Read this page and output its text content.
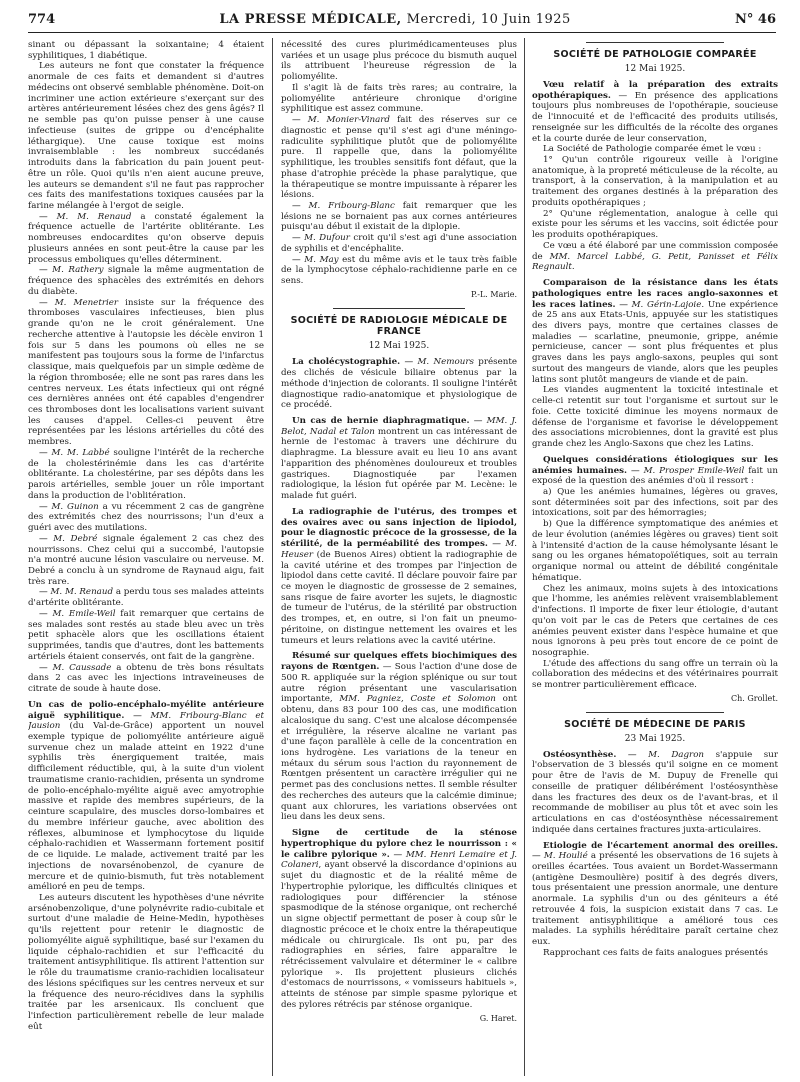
774	LA PRESSE MÉDICALE, Mercredi, 10 Juin 1925	N° 46

sinant ou dépassant la soixantaine; 4 étaient syphilitiques, 1 diabétique.

Les auteurs ne font que constater la fréquence anormale de ces faits et demandent si d'autres médecins ont observé semblable phénomène. Doit-on incriminer une action extérieure s'exerçant sur des artères antérieurement lésées chez des gens âgés? Il ne semble pas qu'on puisse penser à une cause infectieuse (suites de grippe ou d'encéphalite léthargique). Une cause toxique est moins invraisemblable : les nombreux succédanés introduits dans la fabrication du pain jouent peut-être un rôle. Quoi qu'ils n'en aient aucune preuve, les auteurs se demandent s'il ne faut pas rapprocher ces faits des manifestations toxiques causées par la farine mélangée à l'ergot de seigle.

— M. M. Renaud a constaté également la fréquence actuelle de l'artérite oblitérante. Les nombreuses endocardites qu'on observe depuis plusieurs années en sont peut-être la cause par les processus emboliques qu'elles déterminent.

— M. Rathery signale la même augmentation de fréquence des sphacèles des extrémités en dehors du diabète.

— M. Menetrier insiste sur la fréquence des thromboses vasculaires infectieuses, bien plus grande qu'on ne le croit généralement. Une recherche attentive à l'autopsie les décèle environ 1 fois sur 5 dans les poumons où elles ne se manifestent pas toujours sous la forme de l'infarctus classique, mais quelquefois par un simple œdème de la région thrombosée; elle ne sont pas rares dans les centres nerveux. Les états infectieux qui ont régné ces dernières années ont été capables d'engendrer ces thromboses dont les localisations varient suivant les causes d'appel. Celles-ci peuvent être représentées par les lésions artérielles du côté des membres.

— M. M. Labbé souligne l'intérêt de la recherche de la cholestérinémie dans les cas d'artérite oblitérante. La cholestérine, par ses dépôts dans les parois artérielles, semble jouer un rôle important dans la production de l'oblitération.

— M. Guinon a vu récemment 2 cas de gangrène des extrémités chez des nourrissons; l'un d'eux a guéri avec des mutilations.

— M. Debré signale également 2 cas chez des nourrissons. Chez celui qui a succombé, l'autopsie n'a montré aucune lésion vasculaire ou nerveuse. M. Debré a conclu à un syndrome de Raynaud aigu, fait très rare.

— M. M. Renaud a perdu tous ses malades atteints d'artérite oblitérante.

— M. Emile-Weil fait remarquer que certains de ses malades sont restés au stade bleu avec un très petit sphacèle alors que les oscillations étaient supprimées, tandis que d'autres, dont les battements artériels étaient conservés, ont fait de la gangrène.

— M. Caussade a obtenu de très bons résultats dans 2 cas avec les injections intraveineuses de citrate de soude à haute dose.

Un cas de polio-encéphalo-myélite antérieure aiguë syphilitique. — MM. Fribourg-Blanc et Jausion (du Val-de-Grâce) apportent un nouvel exemple typique de poliomyélite antérieure aiguë survenue chez un malade atteint en 1922 d'une syphilis très énergiquement traitée, mais difficilement réductible, qui, à la suite d'un violent traumatisme cranio-rachidien, présenta un syndrome de polio-encéphalo-myélite aiguë avec amyotrophie massive et rapide des membres supérieurs, de la ceinture scapulaire, des muscles dorso-lombaires et du membre inférieur gauche, avec abolition des réflexes, albuminose et lymphocytose du liquide céphalo-rachidien et Wassermann fortement positif de ce liquide. Le malade, activement traité par les injections de novarsénobenzol, de cyanure de mercure et de quinio-bismuth, fut très notablement amélioré en peu de temps.

Les auteurs discutent les hypothèses d'une névrite arsénobenzolique, d'une polynévrite radio-cubitale et surtout d'une maladie de Heine-Medin, hypothèses qu'ils rejettent pour retenir le diagnostic de poliomyélite aiguë syphilitique, basé sur l'examen du liquide céphalo-rachidien et sur l'efficacité du traitement antisyphilitique. Ils attirent l'attention sur le rôle du traumatisme cranio-rachidien localisateur des lésions spécifiques sur les centres nerveux et sur la fréquence des neuro-récidives dans la syphilis traitée par les arsenicaux. Ils concluent que l'infection particulièrement rebelle de leur malade eût

nécessité des cures plurimédicamenteuses plus variées et un usage plus précoce du bismuth auquel ils attribuent l'heureuse régression de la poliomyélite.

Il s'agit là de faits très rares; au contraire, la poliomyélite antérieure chronique d'origine syphilitique est assez commune.

— M. Monier-Vinard fait des réserves sur ce diagnostic et pense qu'il s'est agi d'une méningo-radiculite syphilitique plutôt que de poliomyélite pure. Il rappelle que, dans la poliomyélite syphilitique, les troubles sensitifs font défaut, que la phase d'atrophie précède la phase paralytique, que la thérapeutique se montre impuissante à réparer les lésions.

— M. Fribourg-Blanc fait remarquer que les lésions ne se bornaient pas aux cornes antérieures puisqu'au début il existait de la diplopie.

— M. Dufour croit qu'il s'est agi d'une association de syphilis et d'encéphalite.

— M. May est du même avis et le taux très faible de la lymphocytose céphalo-rachidienne parle en ce sens.

P.-L. Marie.
SOCIÉTÉ DE RADIOLOGIE MÉDICALE DE FRANCE
12 Mai 1925.

La cholécystographie. — M. Nemours présente des clichés de vésicule biliaire obtenus par la méthode d'injection de colorants. Il souligne l'intérêt diagnostique radio-anatomique et physiologique de ce procédé.

Un cas de hernie diaphragmatique. — MM. J. Belot, Nadal et Talon montrent un cas intéressant de hernie de l'estomac à travers une déchirure du diaphragme. La blessure avait eu lieu 10 ans avant l'apparition des phénomènes douloureux et troubles gastriques. Diagnostiquée par l'examen radiologique, la lésion fut opérée par M. Lecène: le malade fut guéri.

La radiographie de l'utérus, des trompes et des ovaires avec ou sans injection de lipiodol, pour le diagnostic précoce de la grossesse, de la stérilité, de la perméabilité des trompes. — M. Heuser (de Buenos Aires) obtient la radiographie de la cavité utérine et des trompes par l'injection de lipiodol dans cette cavité. Il déclare pouvoir faire par ce moyen le diagnostic de grossesse de 2 semaines, sans risque de faire avorter les sujets, le diagnostic de tumeur de l'utérus, de la stérilité par obstruction des trompes, et, en outre, si l'on fait un pneumo-péritoine, on distingue nettement les ovaires et les tumeurs et leurs relations avec la cavité utérine.

Résumé sur quelques effets biochimiques des rayons de Rœntgen. — Sous l'action d'une dose de 500 R. appliquée sur la région splénique ou sur tout autre région présentant une vascularisation importante, MM. Pagniez, Coste et Solomon ont obtenu, dans 83 pour 100 des cas, une modification alcalosique du sang. C'est une alcalose décompensée et irrégulière, la réserve alcaline ne variant pas d'une façon parallèle à celle de la concentration en ions hydrogène. Les variations de la teneur en métaux du sérum sous l'action du rayonnement de Rœntgen présentent un caractère irrégulier qui ne permet pas des conclusions nettes. Il semble résulter des recherches des auteurs que la calcémie diminue; quant aux chlorures, les variations observées ont lieu dans les deux sens.

Signe de certitude de la sténose hypertrophique du pylore chez le nourrisson : « le calibre pylorique ». — MM. Henri Lemaire et J. Colaneri, ayant observé la discordance d'opinions au sujet du diagnostic et de la réalité même de l'hypertrophie pylorique, les difficultés cliniques et radiologiques pour différencier la sténose spasmodique de la sténose organique, ont recherché un signe objectif permettant de poser à coup sûr le diagnostic précoce et le choix entre la thérapeutique médicale ou chirurgicale. Ils ont pu, par des radiographies en séries, faire apparaître le rétrécissement valvulaire et déterminer le « calibre pylorique ». Ils projettent plusieurs clichés d'estomacs de nourrissons, « vomisseurs habituels », atteints de sténose par simple spasme pylorique et des pylores rétrécis par sténose organique.

G. Haret.
SOCIÉTÉ DE PATHOLOGIE COMPARÉE
12 Mai 1925.

Vœu relatif à la préparation des extraits opothérapiques. — En présence des applications toujours plus nombreuses de l'opothérapie, soucieuse de l'innocuité et de l'efficacité des produits utilisés, renseignée sur les difficultés de la récolte des organes et la courte durée de leur conservation,

La Société de Pathologie comparée émet le vœu :

1° Qu'un contrôle rigoureux veille à l'origine anatomique, à la propreté méticuleuse de la récolte, au transport, à la conservation, à la manipulation et au traitement des organes destinés à la préparation des produits opothérapiques ;

2° Qu'une réglementation, analogue à celle qui existe pour les sérums et les vaccins, soit édictée pour les produits opothérapiques.

Ce vœu a été élaboré par une commission composée de MM. Marcel Labbé, G. Petit, Panisset et Félix Regnault.

Comparaison de la résistance dans les états pathologiques entre les races anglo-saxonnes et les races latines. — M. Gérin-Lajoie. Une expérience de 25 ans aux Etats-Unis, appuyée sur les statistiques des divers pays, montre que certaines classes de maladies — scarlatine, pneumonie, grippe, anémie pernicieuse, cancer — sont plus fréquentes et plus graves dans les pays anglo-saxons, peuples qui sont surtout des mangeurs de viande, alors que les peuples latins sont plutôt mangeurs de viande et de pain.

Les viandes augmentent la toxicité intestinale et celle-ci retentit sur tout l'organisme et surtout sur le foie. Cette toxicité diminue les moyens normaux de défense de l'organisme et favorise le développement des associations microbiennes, dont la gravité est plus grande chez les Anglo-Saxons que chez les Latins.

Quelques considérations étiologiques sur les anémies humaines. — M. Prosper Emile-Weil fait un exposé de la question des anémies d'où il ressort :

a) Que les anémies humaines, légères ou graves, sont déterminées soit par des infections, soit par des intoxications, soit par des hémorragies;

b) Que la différence symptomatique des anémies et de leur évolution (anémies légères ou graves) tient soit à l'intensité d'action de la cause hémolysante lésant le sang ou les organes hématopoïétiques, soit au terrain organique normal ou atteint de débilité congénitale hématique.

Chez les animaux, moins sujets à des intoxications que l'homme, les anémies relèvent vraisemblablement d'infections. Il importe de fixer leur étiologie, d'autant qu'on voit par le cas de Peters que certaines de ces anémies peuvent exister dans l'espèce humaine et que nous ignorons à peu près tout encore de ce point de nosographie.

L'étude des affections du sang offre un terrain où la collaboration des médecins et des vétérinaires pourrait se montrer particulièrement efficace.

Ch. Grollet.
SOCIÉTÉ DE MÉDECINE DE PARIS
23 Mai 1925.

Ostéosynthèse. — M. Dagron s'appuie sur l'observation de 3 blessés qu'il soigne en ce moment pour être de l'avis de M. Dupuy de Frenelle qui conseille de pratiquer délibérément l'ostéosynthèse dans les fractures des deux os de l'avant-bras, et il recommande de mobiliser au plus tôt et avec soin les articulations en cas d'ostéosynthèse nécessairement indiquée dans certaines fractures juxta-articulaires.

Etiologie de l'écartement anormal des oreilles. — M. Houlié a présenté les observations de 16 sujets à oreilles écartées. Tous avaient un Bordet-Wassermann (antigène Desmoulière) positif à des degrés divers, tous présentaient une pression anormale, une denture anormale. La syphilis d'un ou des géniteurs a été retrouvée 4 fois, la suspicion existait dans 7 cas. Le traitement antisyphilitique a amélioré tous ces malades. La syphilis héréditaire paraît certaine chez eux.

Rapprochant ces faits de faits analogues présentés
